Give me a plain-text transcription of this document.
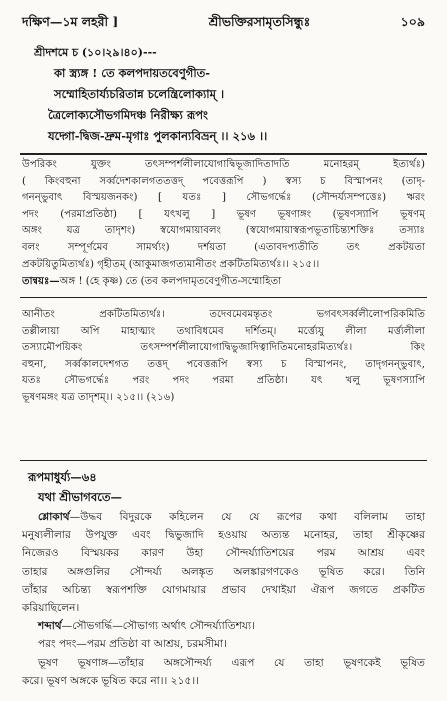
দক্ষিণ—১ম লহরী ]	শ্রীভক্তিরসামৃতসিন্ধুঃ	১০৯
শ্রীদশমে চ (১০।২৯।৪০)---
কা স্ত্র্যঙ্গ ! তে কলপদায়তবেণুগীত-
সম্মোহিতার্য্যচরিতান্ন চলেন্ত্রিলোক্যাম্ ।
ত্রৈলোক্যসৌভগমিদঞ্চ নিরীক্ষ্য রূপং
যদ্গো-দ্বিজ-দ্রুম-মৃগাঃ পুলকান্যবিভ্রন্ ।। ২১৬ ।।
উপরিকং যুক্তং তৎসম্পর্শলীলাযোগাদ্বিভূজাদিতাদতি মনোহরম্ ইত্যর্থঃ)
( কিংবহুনা সর্ব্বদেশকালগততত্তদ্ পবেত্তরূপি ) স্বস্য চ বিস্মাপনং (তাদৃ-
গনন্ভুবাৎ বিস্ময়জনকং) [ যতঃ ] সৌভগর্দ্ধেঃ (সৌন্দর্য্যসম্পত্তেঃ) ঋরং
পদং (পরমাপ্রতিষ্ঠা) [ যৎখলু ] ভূষণ ভূষণাঙ্গং (ভূষণস্যাপি ভূষণম্
অঙ্গং যত্র তাদৃশং) স্বযোগমায়াবলং (স্বযোগমায়াস্বরূপভূতাচিন্ত্যশক্তিঃ তস্যাঃ
বলং সম্পূর্ণমেব সামর্থ্যং) দর্শয়তা (এতাবদপ্যতীতি তৎ প্রকটয়তা
প্রকটয়িতুমিত্যর্থঃ) গৃহীতম্ (আকুমাজগত্যমানীতং প্রকটিতমিত্যর্থঃ।। ২১৫।।
তান্বয়ঃ—অঙ্গ ! (হে কৃষ্ণ) তে (তব কলপদামৃতবেণুগীত-সম্মোহিতা
আনীতং প্রকটিতমিত্যর্থঃ। তদেবমেবমন্তৃতং ভগবৎসর্ব্বলীলোপরিকমিতি
তল্লীলায়া অপি মাহাত্ম্যং তথাবিধমেব দর্শিতম্। মর্ত্ত্যেযু লীলা মর্ত্ত্যলীলা
তস্যামৌপয়িকং তৎসম্পর্শলীলাযোগাদ্বিভুজাদিত্বাদিতিমনোহরমিত্যর্থঃ। কিং
বহুনা, সর্ব্বকালদেশগত তত্তদ্ পবেত্তরূপি স্বস্য চ বিস্মাপনং, তাদৃগনন্ভুবাৎ,
যতঃ সৌভগর্দ্ধেঃ পরং পদং পরমা প্রতিষ্ঠা। যৎ খলু ভূষণস্যাপি
ভূষণমঙ্গং যত্র তাদৃশম্।। ২১৫।। (২১৬)
রূপমাধুর্য্য—৬৪
যথা শ্রীভাগবতে—
শ্লোকার্থ—উদ্ধব বিদুরকে কহিলেন যে যে রূপের কথা বলিলাম তাহা
মনুষ্যলীলার উপযুক্ত এবং দ্বিভুজাদি হওয়ায় অত্যন্ত মনোহর, তাহা শ্রীকৃষ্ণের
নিজেরও বিস্ময়কর কারণ উহা সৌন্দর্য্যাতিশয়ের পরম আশ্রয় এবং
তাহার অঙ্গগুলির সৌন্দর্য্য অলঙ্কৃত অলঙ্কারগণকেও ভূষিত করে। তিনি
তাঁহার অচিন্ত্য স্বরূপশক্তি যোগমায়ার প্রভাব দেখাইয়া ঐরূপ জগতে প্রকটিত
করিয়াছিলেন।
শব্দার্থ—সৌভগর্দ্ধি—সৌভাগ্য অর্থাৎ সৌন্দর্য্যাতিশয্য।
পরং পদং—পরম প্রতিষ্ঠা বা আশ্রয়, চরমসীমা।
ভূষণ ভূষণাঙ্গ—তাঁহার অঙ্গসৌন্দর্য্য এরূপ যে তাহা ভূষণকেই ভূষিত
করে। ভূষণ অঙ্গকে ভূষিত করে না।। ২১৫।।
